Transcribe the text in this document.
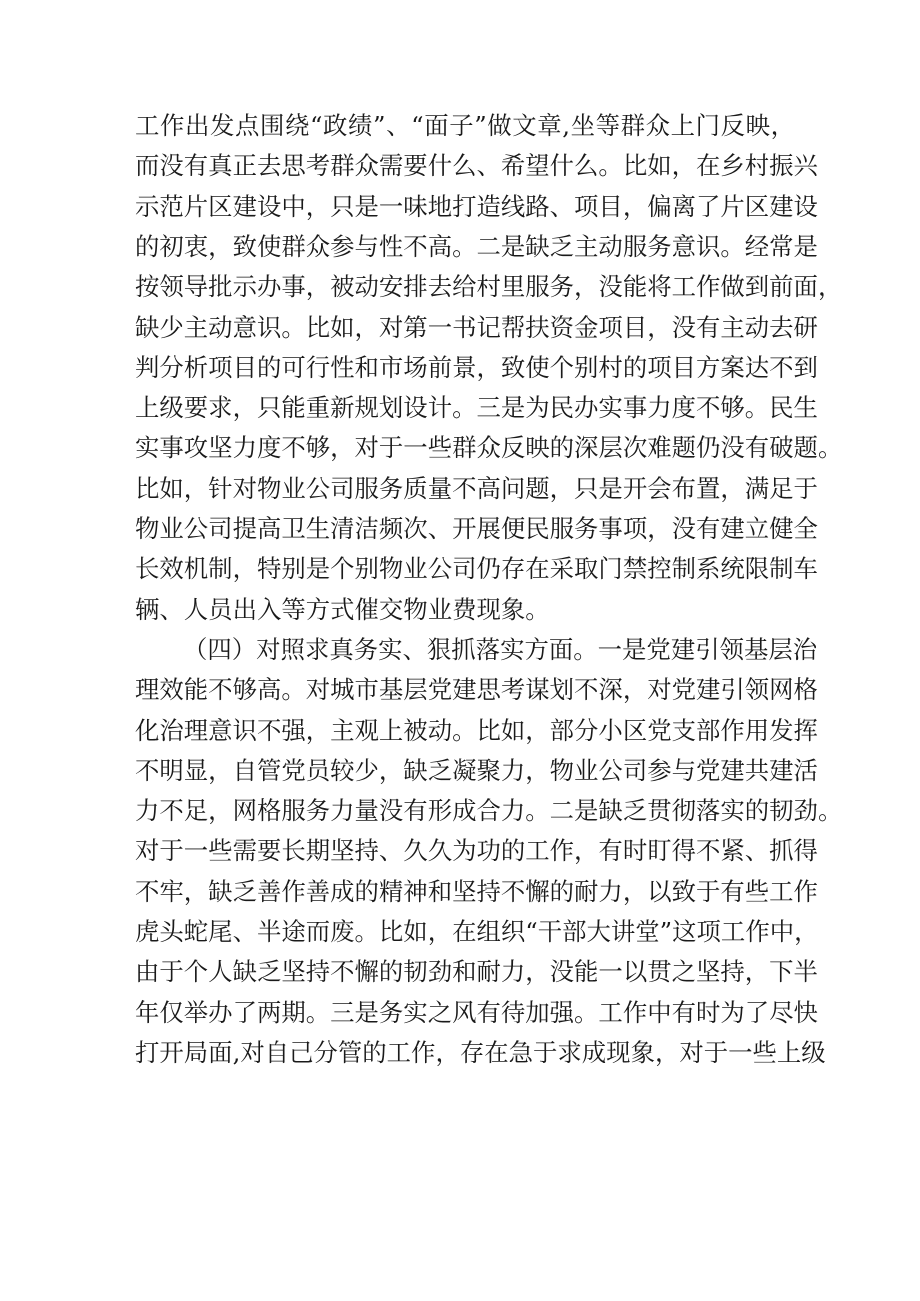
工作出发点围绕“政绩”、“面子”做文章,坐等群众上门反映，
而没有真正去思考群众需要什么、希望什么。比如，在乡村振兴
示范片区建设中，只是一味地打造线路、项目，偏离了片区建设
的初衷，致使群众参与性不高。二是缺乏主动服务意识。经常是
按领导批示办事，被动安排去给村里服务，没能将工作做到前面，
缺少主动意识。比如，对第一书记帮扶资金项目，没有主动去研
判分析项目的可行性和市场前景，致使个别村的项目方案达不到
上级要求，只能重新规划设计。三是为民办实事力度不够。民生
实事攻坚力度不够，对于一些群众反映的深层次难题仍没有破题。
比如，针对物业公司服务质量不高问题，只是开会布置，满足于
物业公司提高卫生清洁频次、开展便民服务事项，没有建立健全
长效机制，特别是个别物业公司仍存在采取门禁控制系统限制车
辆、人员出入等方式催交物业费现象。
（四）对照求真务实、狠抓落实方面。一是党建引领基层治
理效能不够高。对城市基层党建思考谋划不深，对党建引领网格
化治理意识不强，主观上被动。比如，部分小区党支部作用发挥
不明显，自管党员较少，缺乏凝聚力，物业公司参与党建共建活
力不足，网格服务力量没有形成合力。二是缺乏贯彻落实的韧劲。
对于一些需要长期坚持、久久为功的工作，有时盯得不紧、抓得
不牢，缺乏善作善成的精神和坚持不懈的耐力，以致于有些工作
虎头蛇尾、半途而废。比如，在组织“干部大讲堂”这项工作中，
由于个人缺乏坚持不懈的韧劲和耐力，没能一以贯之坚持，下半
年仅举办了两期。三是务实之风有待加强。工作中有时为了尽快
打开局面,对自己分管的工作，存在急于求成现象，对于一些上级
